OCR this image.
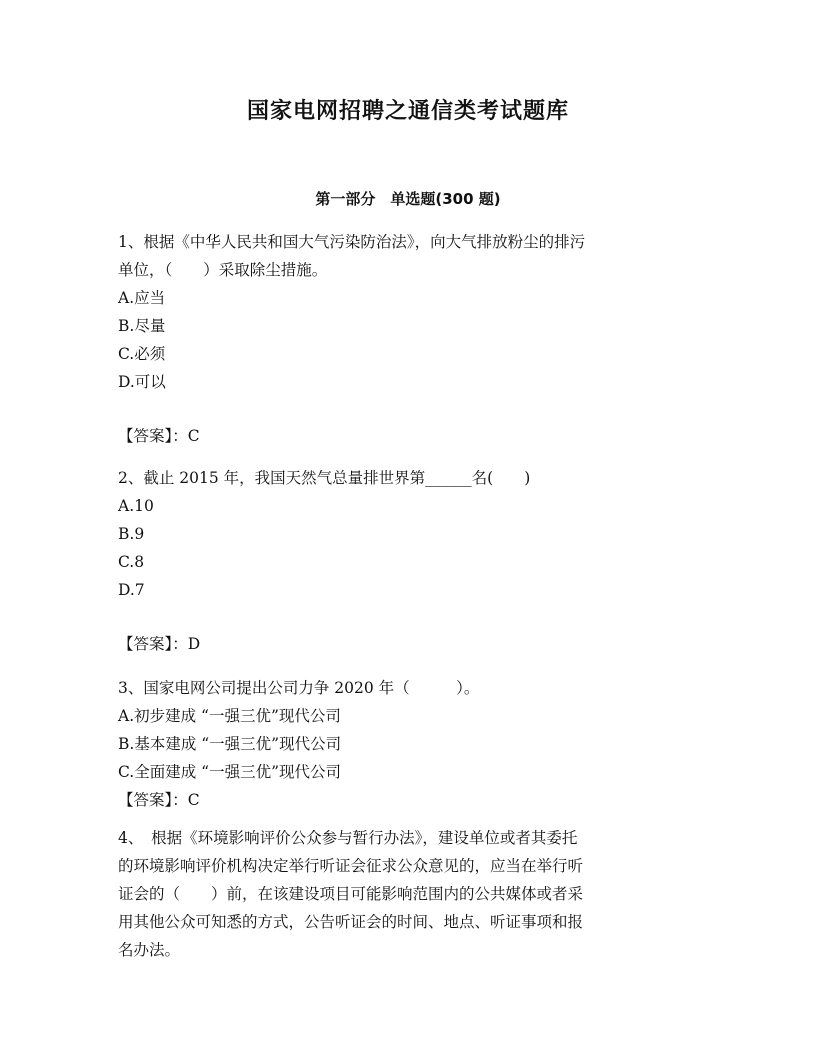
国家电网招聘之通信类考试题库
第一部分　单选题(300 题)
1、根据《中华人民共和国大气污染防治法》，向大气排放粉尘的排污
单位，（　　）采取除尘措施。
A.应当
B.尽量
C.必须
D.可以
【答案】：C
2、截止 2015 年，我国天然气总量排世界第______名(　　)
A.10
B.9
C.8
D.7
【答案】：D
3、国家电网公司提出公司力争 2020 年（　　　）。
A.初步建成 “一强三优”现代公司
B.基本建成 “一强三优”现代公司
C.全面建成 “一强三优”现代公司
【答案】：C
4、　根据《环境影响评价公众参与暂行办法》，建设单位或者其委托
的环境影响评价机构决定举行听证会征求公众意见的，应当在举行听
证会的（　　）前，在该建设项目可能影响范围内的公共媒体或者采
用其他公众可知悉的方式，公告听证会的时间、地点、听证事项和报
名办法。
